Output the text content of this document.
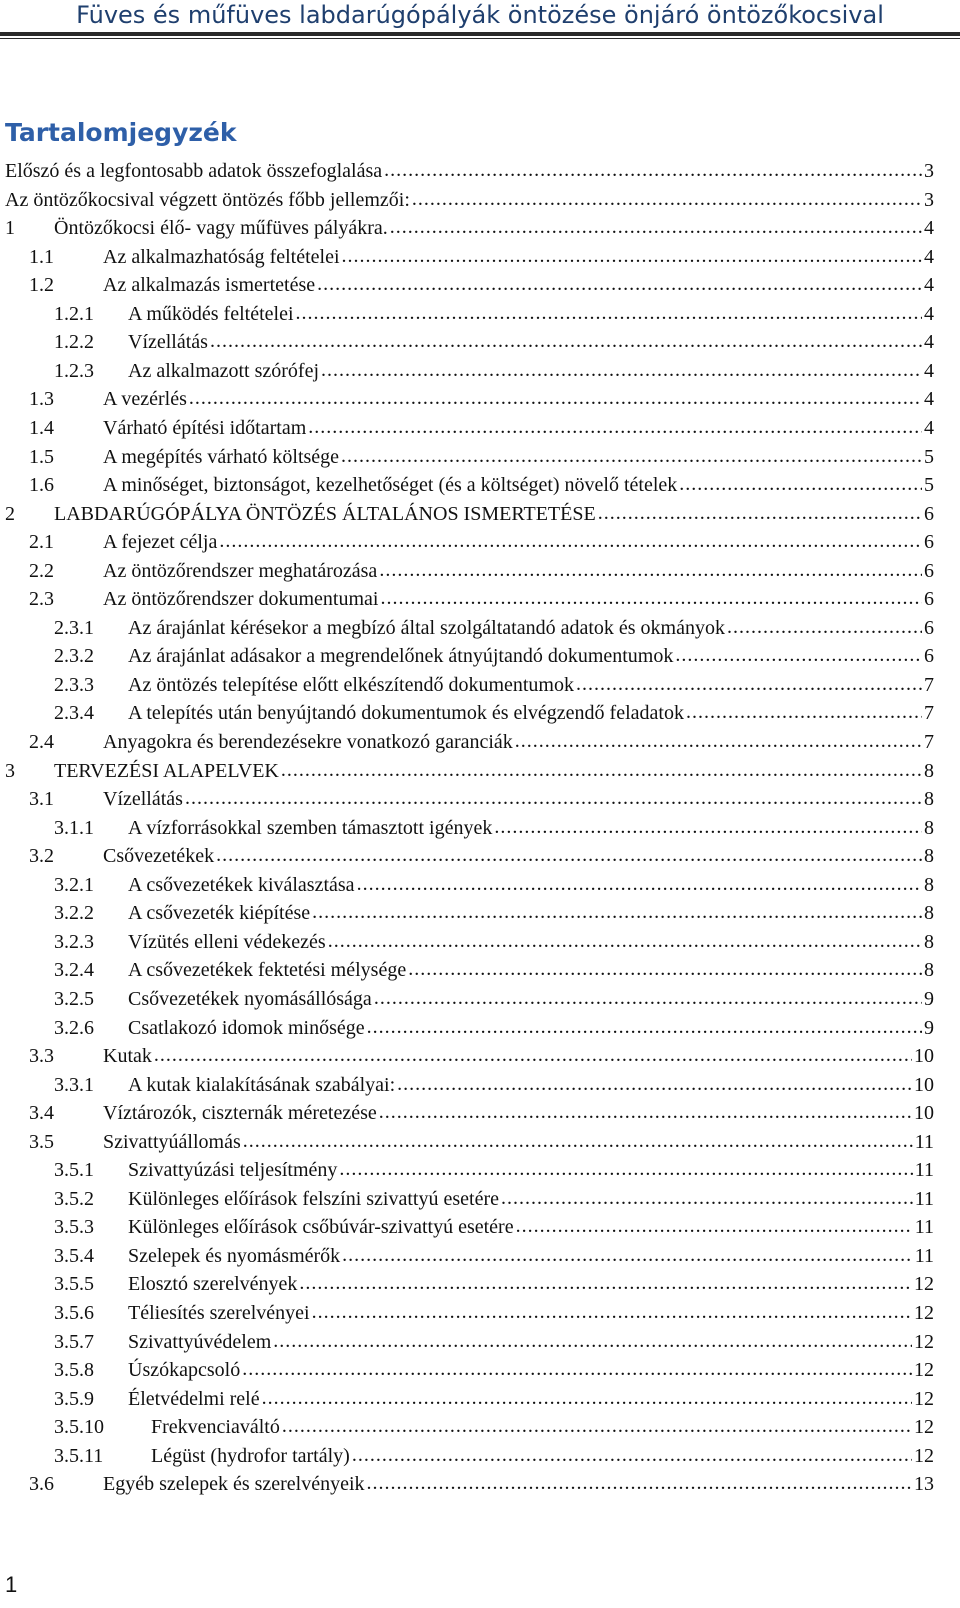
Füves és műfüves labdarúgópályák öntözése önjáró öntözőkocsival
Tartalomjegyzék
Előszó és a legfontosabb adatok összefoglalása .....	3
Az öntözőkocsival végzett öntözés főbb jellemzői: .....	3
1	Öntözőkocsi élő- vagy műfüves pályákra. .....	4
1.1	Az alkalmazhatóság feltételei .....	4
1.2	Az alkalmazás ismertetése .....	4
1.2.1	A működés feltételei .....	4
1.2.2	Vízellátás .....	4
1.2.3	Az alkalmazott szórófej .....	4
1.3	A vezérlés .....	4
1.4	Várható építési időtartam .....	4
1.5	A megépítés várható költsége .....	5
1.6	A minőséget, biztonságot, kezelhetőséget (és a költséget) növelő tételek .....	5
2	LABDARÚGÓPÁLYA ÖNTÖZÉS ÁLTALÁNOS ISMERTETÉSE .....	6
2.1	A fejezet célja .....	6
2.2	Az öntözőrendszer meghatározása .....	6
2.3	Az öntözőrendszer dokumentumai .....	6
2.3.1	Az árajánlat kérésekor a megbízó által szolgáltatandó adatok és okmányok .....	6
2.3.2	Az árajánlat adásakor a megrendelőnek átnyújtandó dokumentumok .....	6
2.3.3	Az öntözés telepítése előtt elkészítendő dokumentumok .....	7
2.3.4	A telepítés után benyújtandó dokumentumok és elvégzendő feladatok .....	7
2.4	Anyagokra és berendezésekre vonatkozó garanciák .....	7
3	TERVEZÉSI ALAPELVEK .....	8
3.1	Vízellátás .....	8
3.1.1	A vízforrásokkal szemben támasztott igények .....	8
3.2	Csővezetékek .....	8
3.2.1	A csővezetékek kiválasztása .....	8
3.2.2	A csővezeték kiépítése .....	8
3.2.3	Vízütés elleni védekezés .....	8
3.2.4	A csővezetékek fektetési mélysége .....	8
3.2.5	Csővezetékek nyomásállósága .....	9
3.2.6	Csatlakozó idomok minősége .....	9
3.3	Kutak .....	10
3.3.1	A kutak kialakításának szabályai: .....	10
3.4	Víztározók, ciszternák méretezése .....	10
3.5	Szivattyúállomás .....	11
3.5.1	Szivattyúzási teljesítmény .....	11
3.5.2	Különleges előírások felszíni szivattyú esetére .....	11
3.5.3	Különleges előírások csőbúvár-szivattyú esetére .....	11
3.5.4	Szelepek és nyomásmérők .....	11
3.5.5	Elosztó szerelvények .....	12
3.5.6	Téliesítés szerelvényei .....	12
3.5.7	Szivattyúvédelem .....	12
3.5.8	Úszókapcsoló .....	12
3.5.9	Életvédelmi relé .....	12
3.5.10	Frekvenciaváltó .....	12
3.5.11	Légüst (hydrofor tartály) .....	12
3.6	Egyéb szelepek és szerelvényeik .....	13
1
